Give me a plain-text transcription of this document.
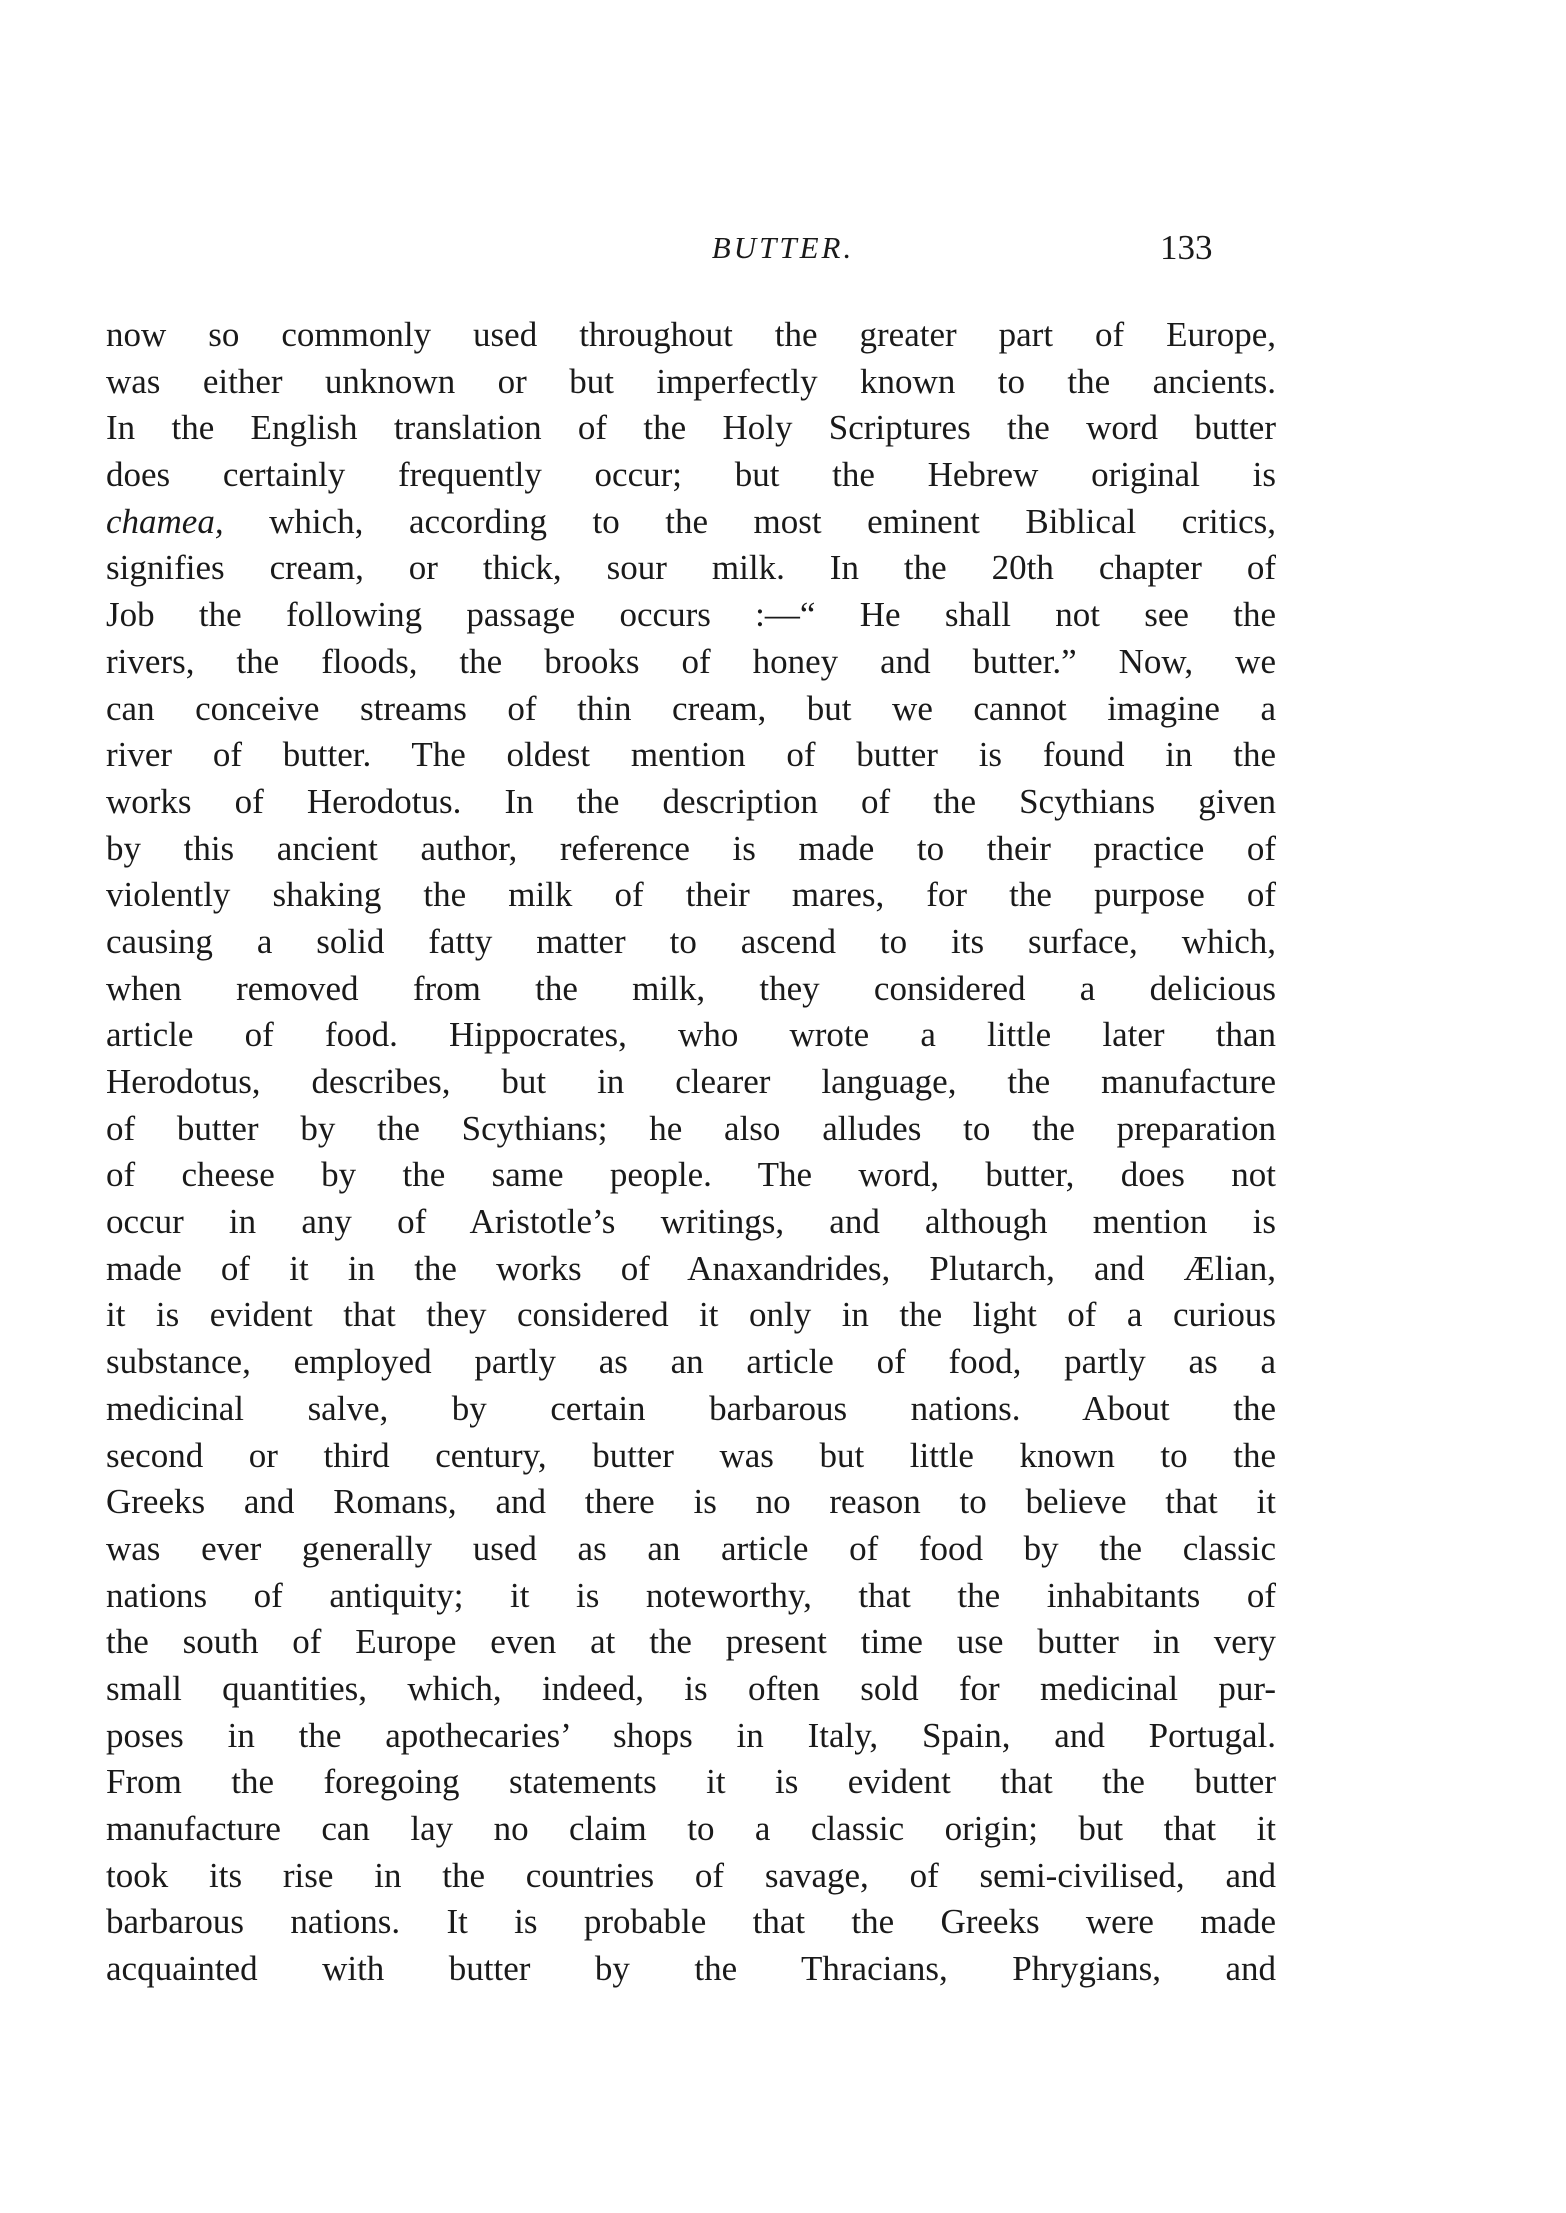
BUTTER.	133
now so commonly used throughout the greater part of Europe,
was either unknown or but imperfectly known to the ancients.
In the English translation of the Holy Scriptures the word butter
does certainly frequently occur; but the Hebrew original is
chamea, which, according to the most eminent Biblical critics,
signifies cream, or thick, sour milk. In the 20th chapter of
Job the following passage occurs :—“ He shall not see the
rivers, the floods, the brooks of honey and butter.” Now, we
can conceive streams of thin cream, but we cannot imagine a
river of butter. The oldest mention of butter is found in the
works of Herodotus. In the description of the Scythians given
by this ancient author, reference is made to their practice of
violently shaking the milk of their mares, for the purpose of
causing a solid fatty matter to ascend to its surface, which,
when removed from the milk, they considered a delicious
article of food. Hippocrates, who wrote a little later than
Herodotus, describes, but in clearer language, the manufacture
of butter by the Scythians; he also alludes to the preparation
of cheese by the same people. The word, butter, does not
occur in any of Aristotle’s writings, and although mention is
made of it in the works of Anaxandrides, Plutarch, and Ælian,
it is evident that they considered it only in the light of a curious
substance, employed partly as an article of food, partly as a
medicinal salve, by certain barbarous nations. About the
second or third century, butter was but little known to the
Greeks and Romans, and there is no reason to believe that it
was ever generally used as an article of food by the classic
nations of antiquity; it is noteworthy, that the inhabitants of
the south of Europe even at the present time use butter in very
small quantities, which, indeed, is often sold for medicinal pur-
poses in the apothecaries’ shops in Italy, Spain, and Portugal.
From the foregoing statements it is evident that the butter
manufacture can lay no claim to a classic origin; but that it
took its rise in the countries of savage, of semi-civilised, and
barbarous nations. It is probable that the Greeks were made
acquainted with butter by the Thracians, Phrygians, and
